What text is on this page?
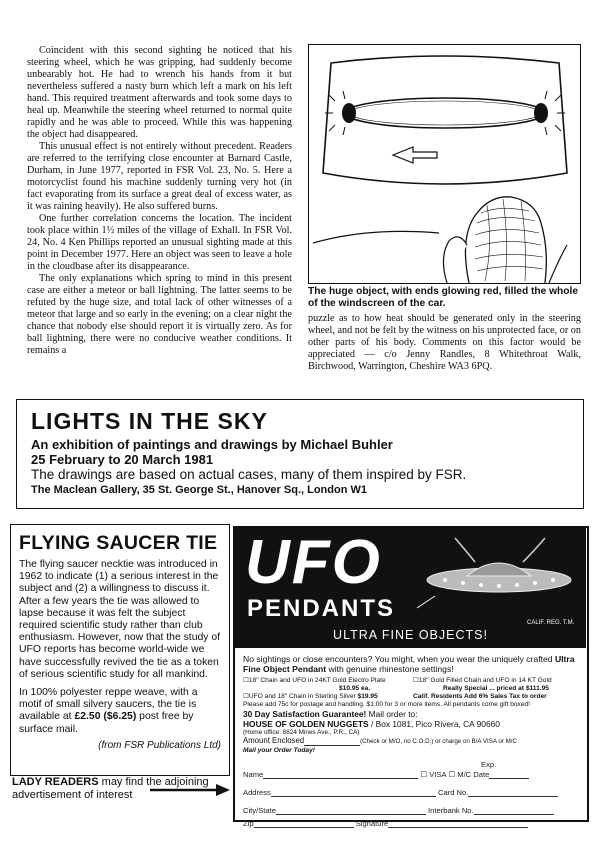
Coincident with this second sighting he noticed that his steering wheel, which he was gripping, had suddenly become unbearably hot. He had to wrench his hands from it but nevertheless suffered a nasty burn which left a mark on his left hand. This required treatment afterwards and took some days to heal up. Meanwhile the steering wheel returned to normal quite rapidly and he was able to proceed. While this was happening the object had disappeared.

This unusual effect is not entirely without precedent. Readers are referred to the terrifying close encounter at Barnard Castle, Durham, in June 1977, reported in FSR Vol. 23, No. 5. Here a motorcyclist found his machine suddenly turning very hot (in fact evaporating from its surface a great deal of excess water, as it was raining heavily). He also suffered burns.

One further correlation concerns the location. The incident took place within 1½ miles of the village of Exhall. In FSR Vol. 24, No. 4 Ken Phillips reported an unusual sighting made at this point in December 1977. Here an object was seen to leave a hole in the cloudbase after its disappearance.

The only explanations which spring to mind in this present case are either a meteor or ball lightning. The latter seems to be refuted by the huge size, and total lack of other witnesses of a meteor that large and so early in the evening; on a clear night the chance that nobody else should report it is virtually zero. As for ball lightning, there were no conducive weather conditions. It remains a

The huge object, with ends glowing red, filled the whole of the windscreen of the car.
puzzle as to how heat should be generated only in the steering wheel, and not be felt by the witness on his unprotected face, or on other parts of his body. Comments on this factor would be appreciated — c/o Jenny Randles, 8 Whitethroat Walk, Birchwood, Warrington, Cheshire WA3 6PQ.
LIGHTS IN THE SKY
An exhibition of paintings and drawings by Michael Buhler
25 February to 20 March 1981
The drawings are based on actual cases, many of them inspired by FSR.
The Maclean Gallery, 35 St. George St., Hanover Sq., London W1
FLYING SAUCER TIE
The flying saucer necktie was introduced in 1962 to indicate (1) a serious interest in the subject and (2) a willingness to discuss it. After a few years the tie was allowed to lapse because it was felt the subject required scientific study rather than club enthusiasm. However, now that the study of UFO reports has become world-wide we have successfully revived the tie as a token of serious scientific study for all mankind.
In 100% polyester reppe weave, with a motif of small silvery saucers, the tie is available at £2.50 ($6.25) post free by surface mail.
(from FSR Publications Ltd)
LADY READERS may find the adjoining advertisement of interest
UFO
PENDANTS
CALIF. REG. T.M.
ULTRA FINE OBJECTS!
No sightings or close encounters? You might, when you wear the uniquely crafted Ultra Fine Object Pendant with genuine rhinestone settings!
☐18" Chain and UFO in 24KT Gold Electro Plate
$10.95 ea.
☐18" Gold Filled Chain and UFO in 14 KT Gold
Really Special ... priced at $111.95
☐UFO and 18" Chain in Sterling Silver $19.95	Calif. Residents Add 6% Sales Tax to order
Please add 75c for postage and handling. $1.00 for 3 or more items. All pendants come gift boxed!
30 Day Satisfaction Guarantee! Mail order to:
HOUSE OF GOLDEN NUGGETS / Box 1081, Pico Rivera, CA 90660
(Home office: 8824 Mines Ave., P.R., CA)
Amount Enclosed	(Check or M/O, no C.O.D.) or charge on B/A VISA or M/C
Mail your Order Today!
Exp.
Name	☐ VISA ☐ M/C Date
Address	Card No.
City/State	Interbank No.
Zip	Signature
